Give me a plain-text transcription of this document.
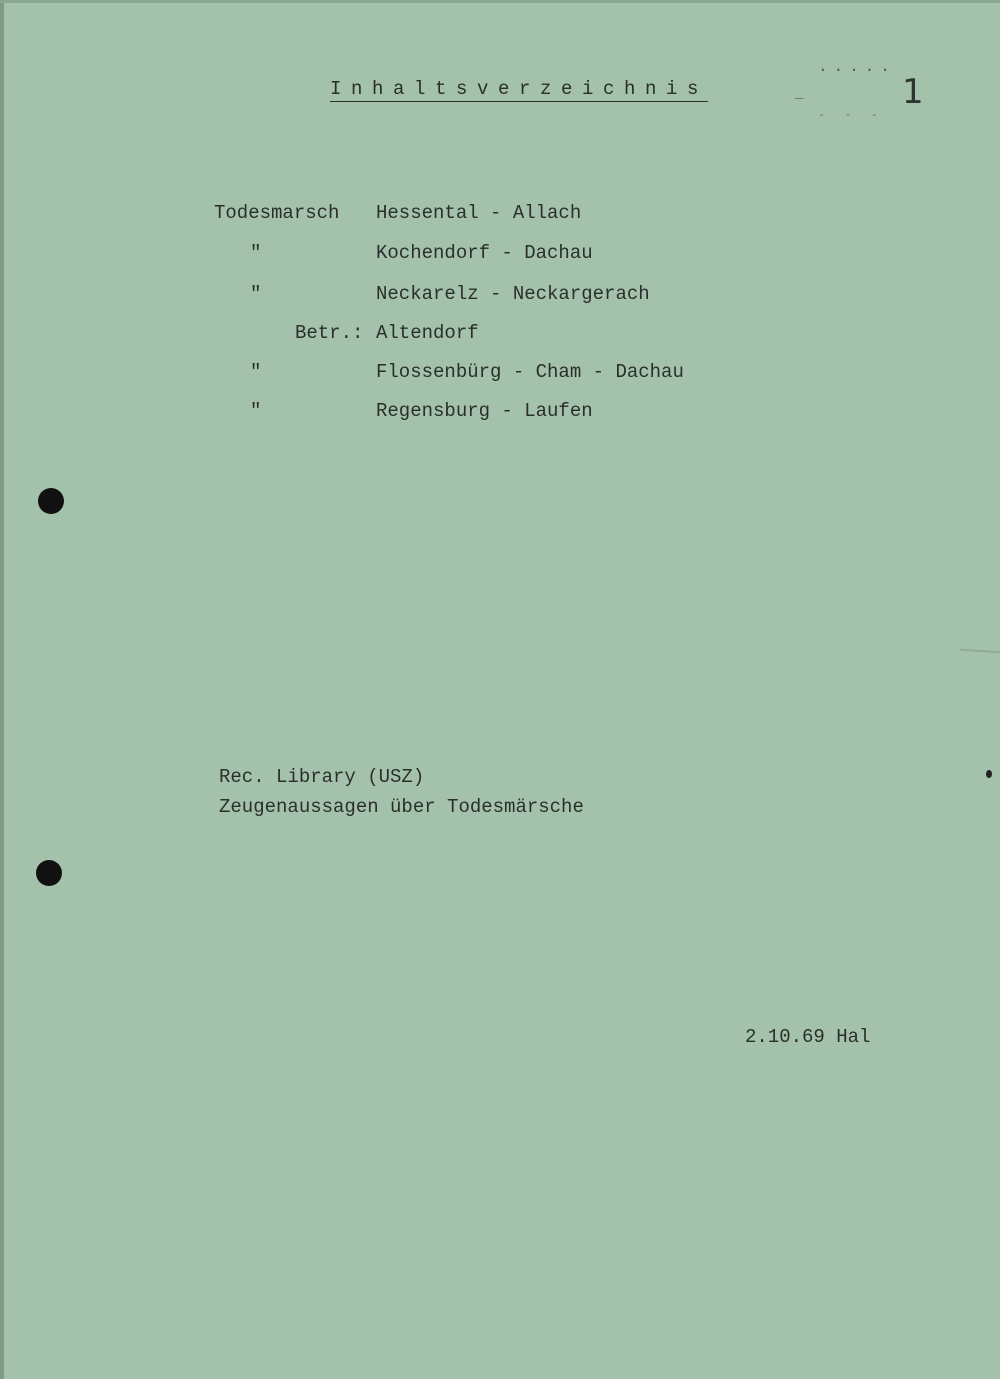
Inhaltsverzeichnis
.....
_
- - -
1
Todesmarsch Hessental - Allach
"	Kochendorf - Dachau
"	Neckarelz - Neckargerach
Betr.: Altendorf
"	Flossenbürg - Cham - Dachau
"	Regensburg - Laufen
Rec. Library (USZ)
Zeugenaussagen über Todesmärsche
2.10.69 Hal
